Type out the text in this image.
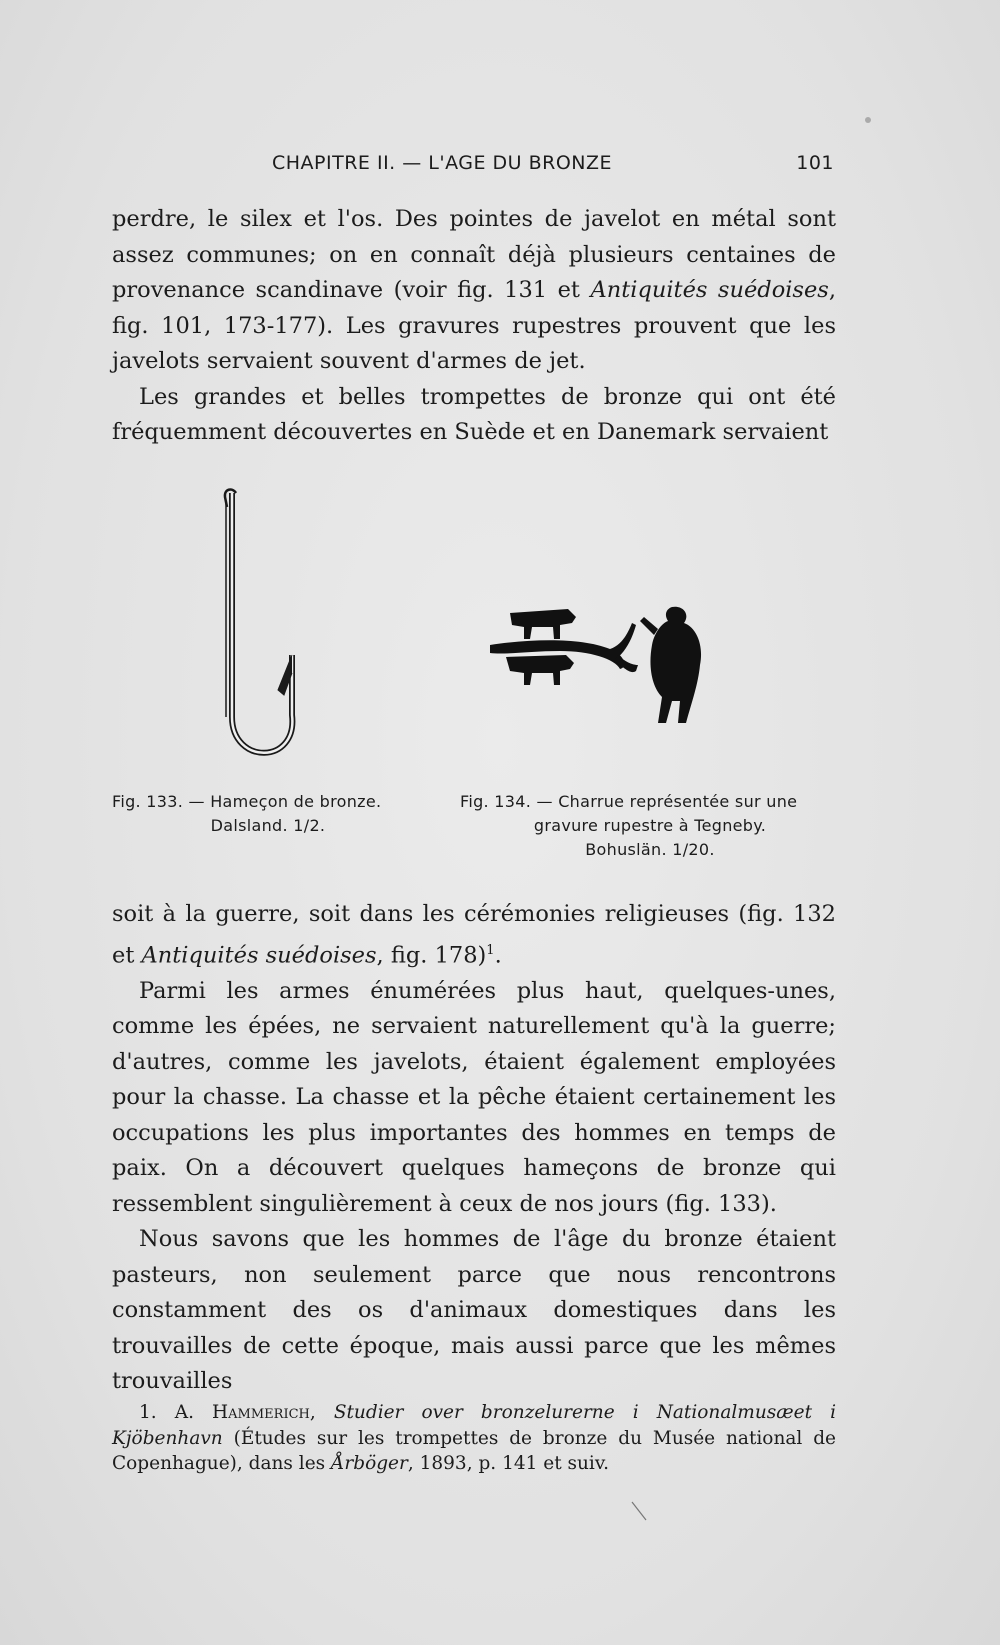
CHAPITRE II. — L'AGE DU BRONZE	101

perdre, le silex et l'os. Des pointes de javelot en métal sont assez communes; on en connaît déjà plusieurs centaines de provenance scandinave (voir fig. 131 et Antiquités suédoises, fig. 101, 173-177). Les gravures rupestres prouvent que les javelots servaient souvent d'armes de jet.

Les grandes et belles trompettes de bronze qui ont été fréquemment découvertes en Suède et en Danemark servaient

Fig. 133. — Hameçon de bronze.
Dalsland. 1/2.
Fig. 134. — Charrue représentée sur une
gravure rupestre à Tegneby.
Bohuslän. 1/20.

soit à la guerre, soit dans les cérémonies religieuses (fig. 132 et Antiquités suédoises, fig. 178)$^1$.

Parmi les armes énumérées plus haut, quelques-unes, comme les épées, ne servaient naturellement qu'à la guerre; d'autres, comme les javelots, étaient également employées pour la chasse. La chasse et la pêche étaient certainement les occupations les plus importantes des hommes en temps de paix. On a découvert quelques hameçons de bronze qui ressemblent singulièrement à ceux de nos jours (fig. 133).

Nous savons que les hommes de l'âge du bronze étaient pasteurs, non seulement parce que nous rencontrons constamment des os d'animaux domestiques dans les trouvailles de cette époque, mais aussi parce que les mêmes trouvailles

1. A. Hammerich, Studier over bronzelurerne i Nationalmusæet i Kjöbenhavn (Études sur les trompettes de bronze du Musée national de Copenhague), dans les Årböger, 1893, p. 141 et suiv.
